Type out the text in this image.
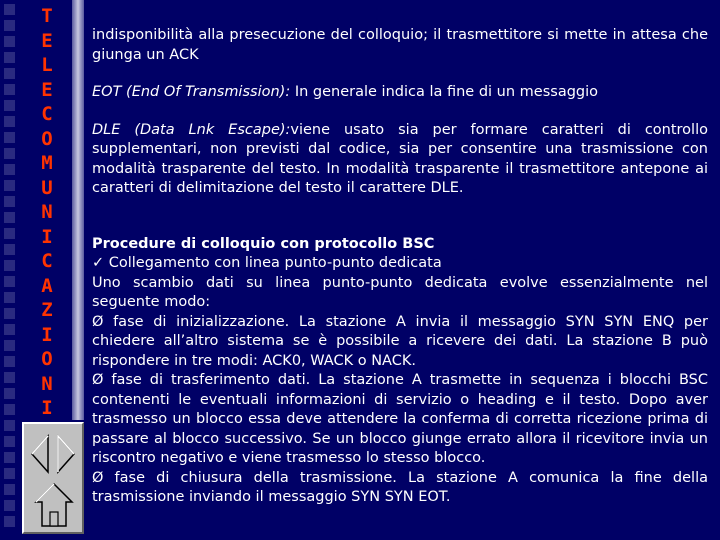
T
E
L
E
C
O
M
U
N
I
C
A
Z
I
O
N
I

indisponibilità alla presecuzione del colloquio; il trasmettitore si mette in attesa che giunga un ACK

EOT (End Of Transmission): In generale indica la fine di un messaggio

DLE (Data Lnk Escape):viene usato sia per formare caratteri di controllo supplementari, non previsti dal codice, sia per consentire una trasmissione con modalità trasparente del testo. In modalità trasparente il trasmettitore antepone ai caratteri di delimitazione del testo il carattere DLE.

Procedure di colloquio con protocollo BSC

✓ Collegamento con linea punto-punto dedicata

Uno scambio dati su linea punto-punto dedicata evolve essenzialmente nel seguente modo:

Ø fase di inizializzazione. La stazione A invia il messaggio SYN SYN ENQ per chiedere all’altro sistema se è possibile a ricevere dei dati. La stazione B può rispondere in tre modi: ACK0, WACK o NACK.

Ø fase di trasferimento dati. La stazione A trasmette in sequenza i blocchi BSC contenenti le eventuali informazioni di servizio o heading e il testo. Dopo aver trasmesso un blocco essa deve attendere la conferma di corretta ricezione prima di passare al blocco successivo. Se un blocco giunge errato allora il ricevitore invia un riscontro negativo e viene trasmesso lo stesso blocco.

Ø fase di chiusura della trasmissione. La stazione A comunica la fine della trasmissione inviando il messaggio SYN SYN EOT.
